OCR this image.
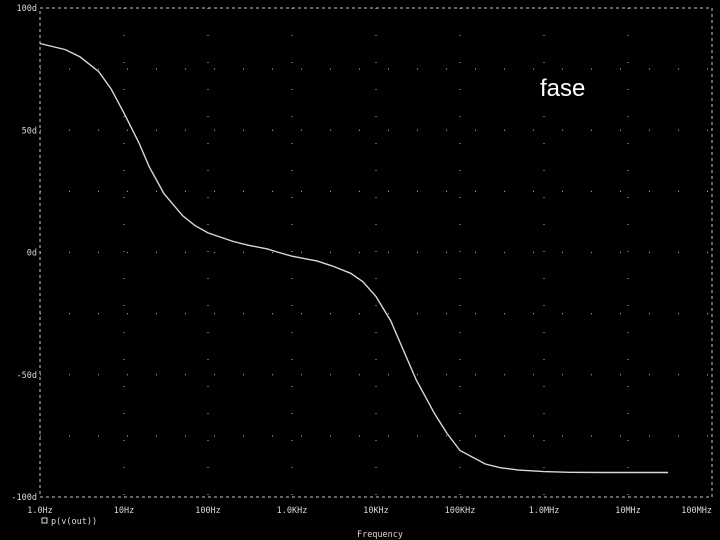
100d
50d
0d
-50d
-100d
1.0Hz	10Hz	100Hz	1.0KHz	10KHz	100KHz	1.0MHz	10MHz	100MHz
Frequency
p(v(out))
fase
